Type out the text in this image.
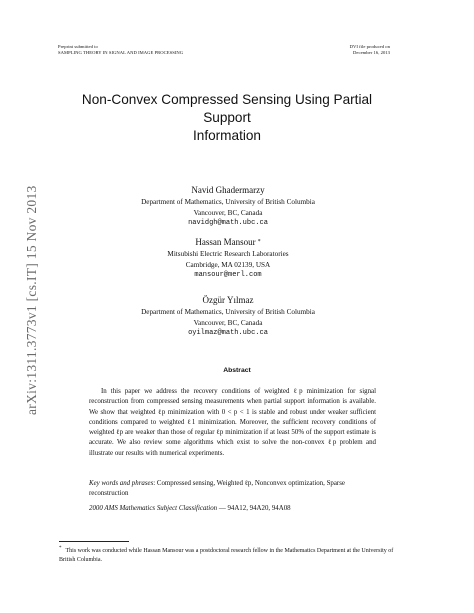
Preprint submitted to
SAMPLING THEORY IN SIGNAL AND IMAGE PROCESSING
DVI file produced on
December 16, 2013
arXiv:1311.3773v1 [cs.IT] 15 Nov 2013
Non-Convex Compressed Sensing Using Partial Support
Information
Navid Ghadermarzy
Department of Mathematics, University of British Columbia
Vancouver, BC, Canada
navidgh@math.ubc.ca
Hassan Mansour *
Mitsubishi Electric Research Laboratories
Cambridge, MA 02139, USA
mansour@merl.com
Özgür Yılmaz
Department of Mathematics, University of British Columbia
Vancouver, BC, Canada
oyilmaz@math.ubc.ca
Abstract

In this paper we address the recovery conditions of weighted ℓp minimization for signal reconstruction from compressed sensing measurements when partial support information is available. We show that weighted ℓp minimization with 0 < p < 1 is stable and robust under weaker sufficient conditions compared to weighted ℓ1 minimization. Moreover, the sufficient recovery conditions of weighted ℓp are weaker than those of regular ℓp minimization if at least 50% of the support estimate is accurate. We also review some algorithms which exist to solve the non-convex ℓp problem and illustrate our results with numerical experiments.

Key words and phrases: Compressed sensing, Weighted ℓp, Nonconvex optimization, Sparse reconstruction
2000 AMS Mathematics Subject Classification — 94A12, 94A20, 94A08
* This work was conducted while Hassan Mansour was a postdoctoral research fellow in the Mathematics Department at the University of British Columbia.
